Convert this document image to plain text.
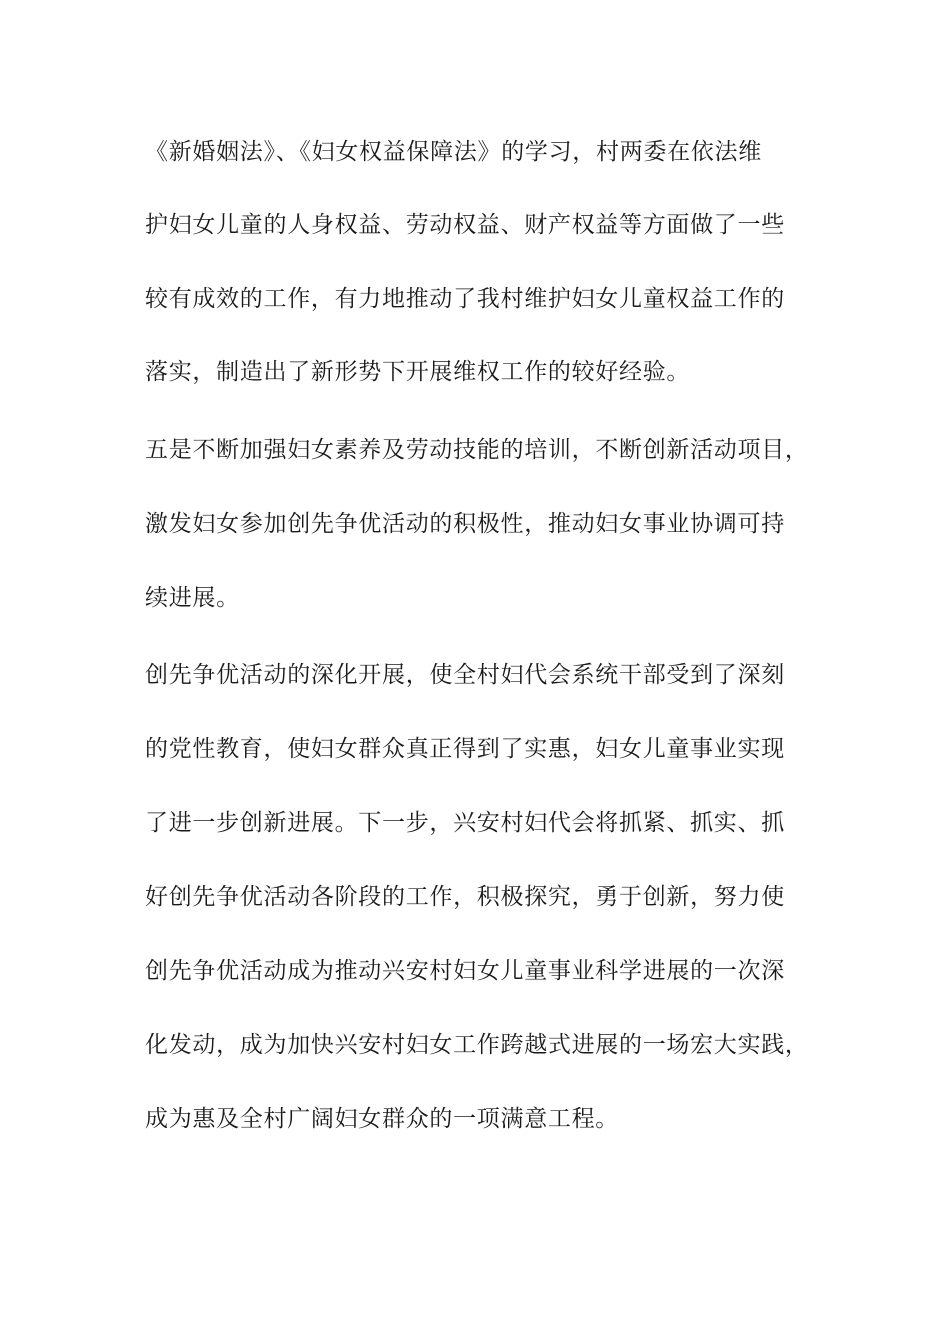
《新婚姻法》、《妇女权益保障法》的学习，村两委在依法维
护妇女儿童的人身权益、劳动权益、财产权益等方面做了一些
较有成效的工作，有力地推动了我村维护妇女儿童权益工作的
落实，制造出了新形势下开展维权工作的较好经验。
五是不断加强妇女素养及劳动技能的培训，不断创新活动项目，
激发妇女参加创先争优活动的积极性，推动妇女事业协调可持
续进展。
创先争优活动的深化开展，使全村妇代会系统干部受到了深刻
的党性教育，使妇女群众真正得到了实惠，妇女儿童事业实现
了进一步创新进展。下一步，兴安村妇代会将抓紧、抓实、抓
好创先争优活动各阶段的工作，积极探究，勇于创新，努力使
创先争优活动成为推动兴安村妇女儿童事业科学进展的一次深
化发动，成为加快兴安村妇女工作跨越式进展的一场宏大实践，
成为惠及全村广阔妇女群众的一项满意工程。
